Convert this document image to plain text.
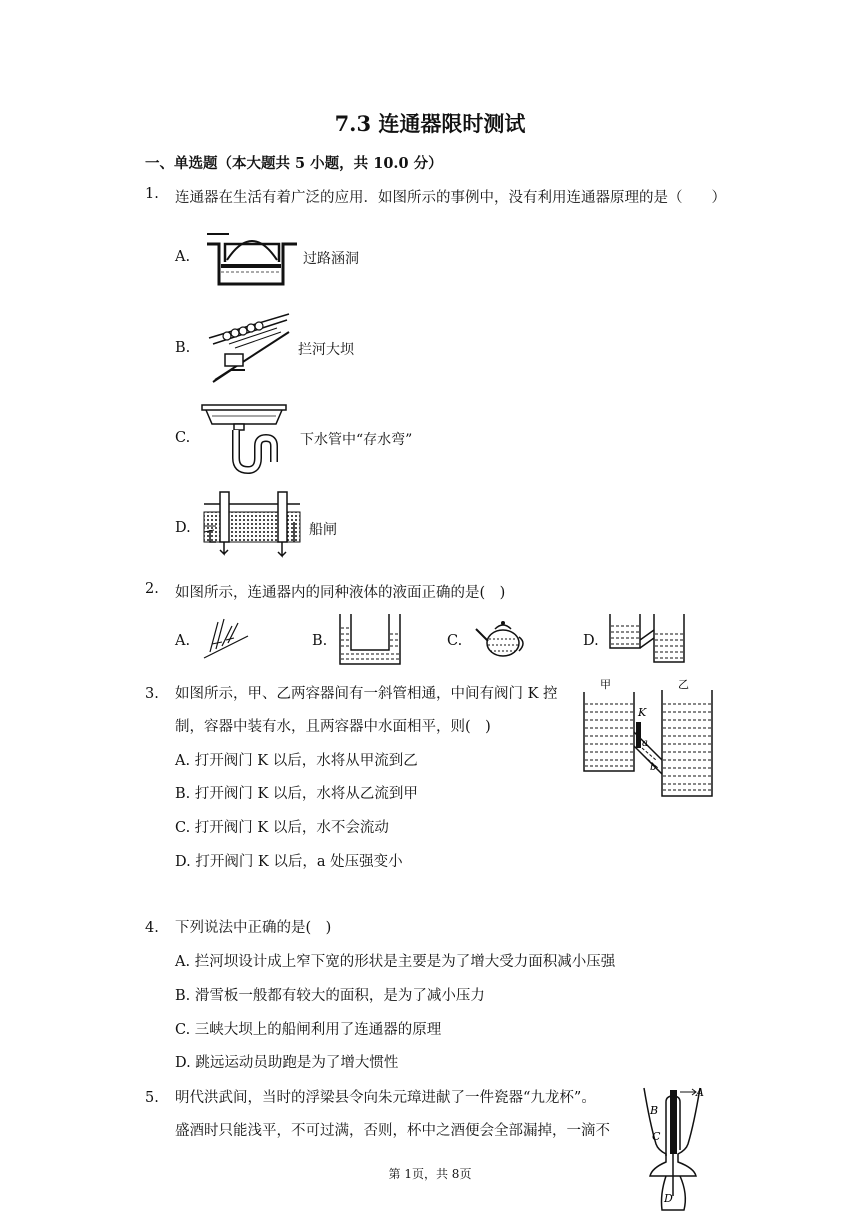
7.3 连通器限时测试
一、单选题（本大题共 5 小题，共 10.0 分）
1. 连通器在生活有着广泛的应用．如图所示的事例中，没有利用连通器原理的是（　　）
A.	过路涵洞
B.	拦河大坝
C.	下水管中“存水弯”
D.	船闸
2. 如图所示，连通器内的同种液体的液面正确的是(　)
A.	B.	C.	D.
3. 如图所示，甲、乙两容器间有一斜管相通，中间有阀门 K 控
制，容器中装有水，且两容器中水面相平，则(　)
A. 打开阀门 K 以后，水将从甲流到乙
B. 打开阀门 K 以后，水将从乙流到甲
C. 打开阀门 K 以后，水不会流动
D. 打开阀门 K 以后，a 处压强变小
甲	乙
K
a
b
4. 下列说法中正确的是(　)
A. 拦河坝设计成上窄下宽的形状是主要是为了增大受力面积减小压强
B. 滑雪板一般都有较大的面积，是为了减小压力
C. 三峡大坝上的船闸利用了连通器的原理
D. 跳远运动员助跑是为了增大惯性
5. 明代洪武间，当时的浮梁县令向朱元璋进献了一件瓷器“九龙杯”。
盛酒时只能浅平，不可过满，否则，杯中之酒便会全部漏掉，一滴不
A
B
C
D
第 1页，共 8页
